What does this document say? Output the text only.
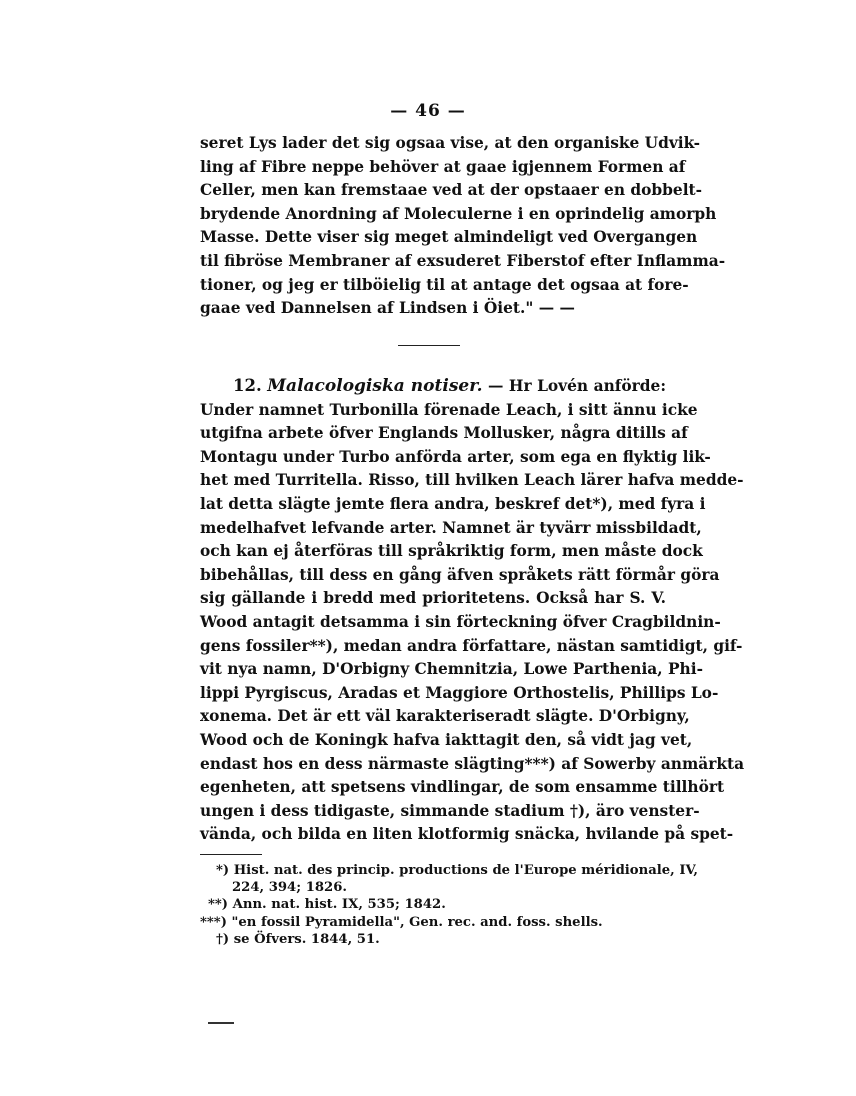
— 46 —
seret Lys lader det sig ogsaa vise, at den organiske Udvik-
ling af Fibre neppe behöver at gaae igjennem Formen af
Celler, men kan fremstaae ved at der opstaaer en dobbelt-
brydende Anordning af Moleculerne i en oprindelig amorph
Masse. Dette viser sig meget almindeligt ved Overgangen
til fibröse Membraner af exsuderet Fiberstof efter Inflamma-
tioner, og jeg er tilböielig til at antage det ogsaa at fore-
gaae ved Dannelsen af Lindsen i Öiet." — —
12. Malacologiska notiser. — Hr Lovén anförde:
Under namnet Turbonilla förenade Leach, i sitt ännu icke
utgifna arbete öfver Englands Mollusker, några ditills af
Montagu under Turbo anförda arter, som ega en flyktig lik-
het med Turritella. Risso, till hvilken Leach lärer hafva medde-
lat detta slägte jemte flera andra, beskref det*), med fyra i
medelhafvet lefvande arter. Namnet är tyvärr missbildadt,
och kan ej återföras till språkriktig form, men måste dock
bibehållas, till dess en gång äfven språkets rätt förmår göra
sig gällande i bredd med prioritetens. Också har S. V.
Wood antagit detsamma i sin förteckning öfver Cragbildnin-
gens fossiler**), medan andra författare, nästan samtidigt, gif-
vit nya namn, D'Orbigny Chemnitzia, Lowe Parthenia, Phi-
lippi Pyrgiscus, Aradas et Maggiore Orthostelis, Phillips Lo-
xonema. Det är ett väl karakteriseradt slägte. D'Orbigny,
Wood och de Koningk hafva iakttagit den, så vidt jag vet,
endast hos en dess närmaste slägting***) af Sowerby anmärkta
egenheten, att spetsens vindlingar, de som ensamme tillhört
ungen i dess tidigaste, simmande stadium †), äro venster-
vända, och bilda en liten klotformig snäcka, hvilande på spet-
*) Hist. nat. des princip. productions de l'Europe méridionale, IV,
224, 394; 1826.
**) Ann. nat. hist. IX, 535; 1842.
***) "en fossil Pyramidella", Gen. rec. and. foss. shells.
†) se Öfvers. 1844, 51.
